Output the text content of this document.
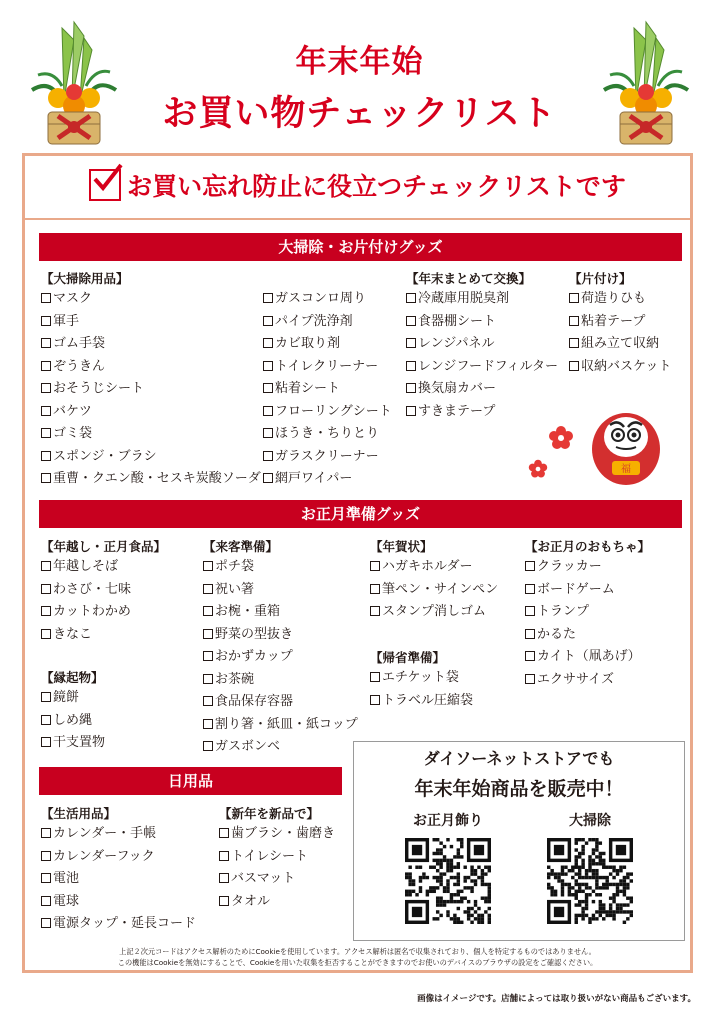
年末年始
お買い物チェックリスト
お買い忘れ防止に役立つチェックリストです
大掃除・お片付けグッズ
【大掃除用品】
マスク
軍手
ゴム手袋
ぞうきん
おそうじシート
バケツ
ゴミ袋
スポンジ・ブラシ
重曹・クエン酸・セスキ炭酸ソーダ
ガスコンロ周り
パイプ洗浄剤
カビ取り剤
トイレクリーナー
粘着シート
フローリングシート
ほうき・ちりとり
ガラスクリーナー
網戸ワイパー
【年末まとめて交換】
冷蔵庫用脱臭剤
食器棚シート
レンジパネル
レンジフードフィルター
換気扇カバー
すきまテープ
【片付け】
荷造りひも
粘着テープ
組み立て収納
収納バスケット
福
お正月準備グッズ
【年越し・正月食品】
年越しそば
わさび・七味
カットわかめ
きなこ
【縁起物】
鏡餅
しめ縄
干支置物
【来客準備】
ポチ袋
祝い箸
お椀・重箱
野菜の型抜き
おかずカップ
お茶碗
食品保存容器
割り箸・紙皿・紙コップ
ガスボンベ
【年賀状】
ハガキホルダー
筆ペン・サインペン
スタンプ消しゴム
【帰省準備】
エチケット袋
トラベル圧縮袋
【お正月のおもちゃ】
クラッカー
ボードゲーム
トランプ
かるた
カイト（凧あげ）
エクササイズ
日用品
【生活用品】
カレンダー・手帳
カレンダーフック
電池
電球
電源タップ・延長コード
【新年を新品で】
歯ブラシ・歯磨き
トイレシート
バスマット
タオル
ダイソーネットストアでも
年末年始商品を販売中！
お正月飾り	大掃除
上記２次元コードはアクセス解析のためにCookieを使用しています。アクセス解析は匿名で収集されており、個人を特定するものではありません。
この機能はCookieを無効にすることで、Cookieを用いた収集を拒否することができますのでお使いのデバイスのブラウザの設定をご確認ください。
画像はイメージです。店舗によっては取り扱いがない商品もございます。
